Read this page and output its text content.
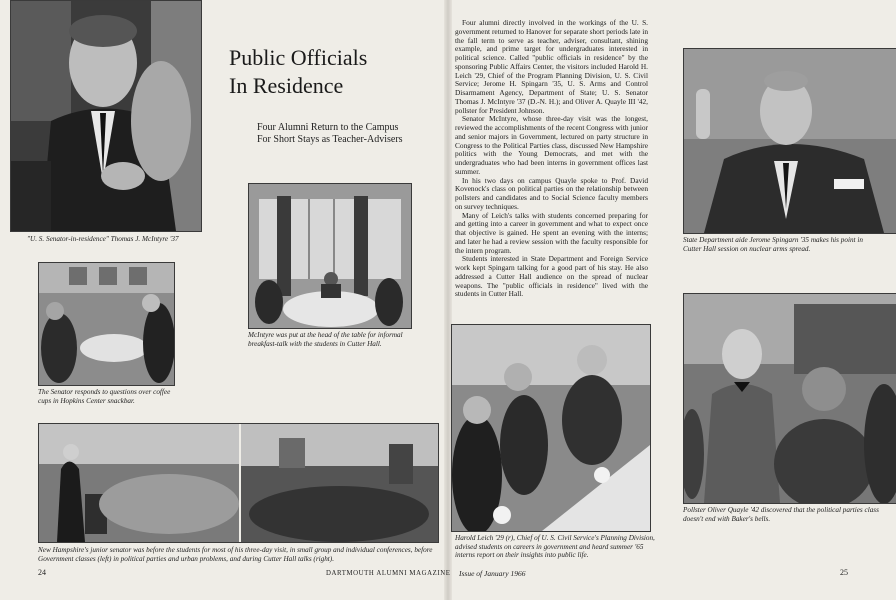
"U. S. Senator-in-residence" Thomas J. McIntyre '37

Public Officials
In Residence
Four Alumni Return to the Campus
For Short Stays as Teacher-Advisers

McIntyre was put at the head of the table for informal breakfast-talk with the students in Cutter Hall.

The Senator responds to questions over coffee cups in Hopkins Center snackbar.

New Hampshire's junior senator was before the students for most of his three-day visit, in small group and individual conferences, before Government classes (left) in political parties and urban problems, and during Cutter Hall talks (right).

Four alumni directly involved in the workings of the U. S. government returned to Hanover for separate short periods late in the fall term to serve as teacher, adviser, consultant, shining example, and prime target for undergraduates interested in political science. Called "public officials in residence" by the sponsoring Public Affairs Center, the visitors included Harold H. Leich '29, Chief of the Program Planning Division, U. S. Civil Service; Jerome H. Spingarn '35, U. S. Arms and Control Disarmament Agency, Department of State; U. S. Senator Thomas J. McIntyre '37 (D.-N. H.); and Oliver A. Quayle III '42, pollster for President Johnson.

Senator McIntyre, whose three-day visit was the longest, reviewed the accomplishments of the recent Congress with junior and senior majors in Government, lectured on party structure in Congress to the Political Parties class, discussed New Hampshire politics with the Young Democrats, and met with the undergraduates who had been interns in government offices last summer.

In his two days on campus Quayle spoke to Prof. David Kovenock's class on political parties on the relationship between pollsters and candidates and to Social Science faculty members on survey techniques.

Many of Leich's talks with students concerned preparing for and getting into a career in government and what to expect once that objective is gained. He spent an evening with the interns; and later he had a review session with the faculty responsible for the intern program.

Students interested in State Department and Foreign Service work kept Spingarn talking for a good part of his stay. He also addressed a Cutter Hall audience on the spread of nuclear weapons. The "public officials in residence" lived with the students in Cutter Hall.

Harold Leich '29 (r), Chief of U. S. Civil Service's Planning Division, advised students on careers in government and heard summer '65 interns report on their insights into public life.

State Department aide Jerome Spingarn '35 makes his point in Cutter Hall session on nuclear arms spread.

Pollster Oliver Quayle '42 discovered that the political parties class doesn't end with Baker's bells.

24	DARTMOUTH ALUMNI MAGAZINE Issue of January 1966	25
